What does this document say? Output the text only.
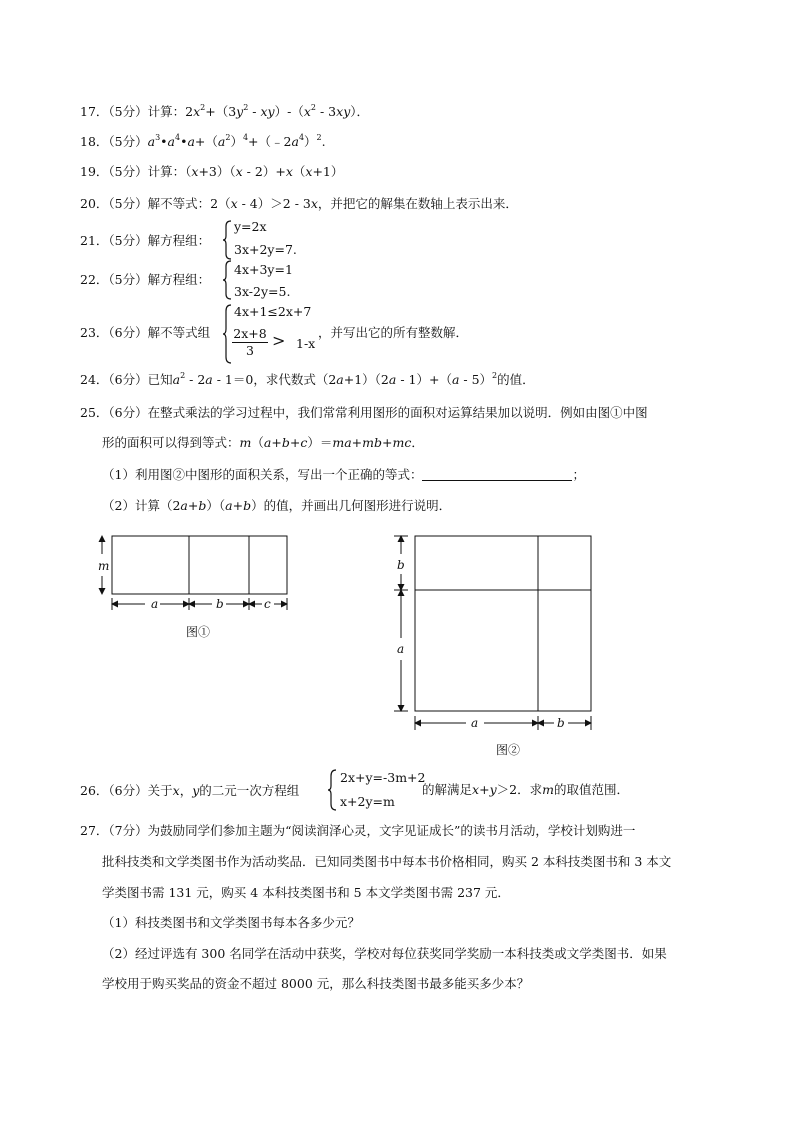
17．（5分）计算：$2x^2+(3y^2 - xy)-(x^2 - 3xy)$．
18．（5分）$a^3•a^4•a+(a^2)^4+(﹣2a^4)^2$.
19．（5分）计算：（x+3）（x - 2）+x（x+1）
20．（5分）解不等式：2（x - 4）＞2 - 3x，并把它的解集在数轴上表示出来．
21．（5分）解方程组：
y=2x
3x+2y=7.
22．（5分）解方程组：
4x+3y=1
3x-2y=5.
23．（6分）解不等式组
4x+1≤2x+7
2x+8
3
> 1-x
，并写出它的所有整数解．
24．（6分）已知$a^2 - 2a - 1=0$，求代数式（2a+1）（2a - 1）+（a - 5）$^2$的值．
25．（6分）在整式乘法的学习过程中，我们常常利用图形的面积对运算结果加以说明．例如由图①中图
形的面积可以得到等式：m（a+b+c）＝ma+mb+mc．
（1）利用图②中图形的面积关系，写出一个正确的等式：	；
（2）计算（2a+b）（a+b）的值，并画出几何图形进行说明．
m
a	b	c
图①
b
a
a	b
图②
26．（6分）关于x，y的二元一次方程组
2x+y=-3m+2
x+2y=m
的解满足x+y＞2．求m的取值范围．
27．（7分）为鼓励同学们参加主题为“阅读润泽心灵，文字见证成长”的读书月活动，学校计划购进一
批科技类和文学类图书作为活动奖品．已知同类图书中每本书价格相同，购买 2 本科技类图书和 3 本文
学类图书需 131 元，购买 4 本科技类图书和 5 本文学类图书需 237 元．
（1）科技类图书和文学类图书每本各多少元？
（2）经过评选有 300 名同学在活动中获奖，学校对每位获奖同学奖励一本科技类或文学类图书．如果
学校用于购买奖品的资金不超过 8000 元，那么科技类图书最多能买多少本？
